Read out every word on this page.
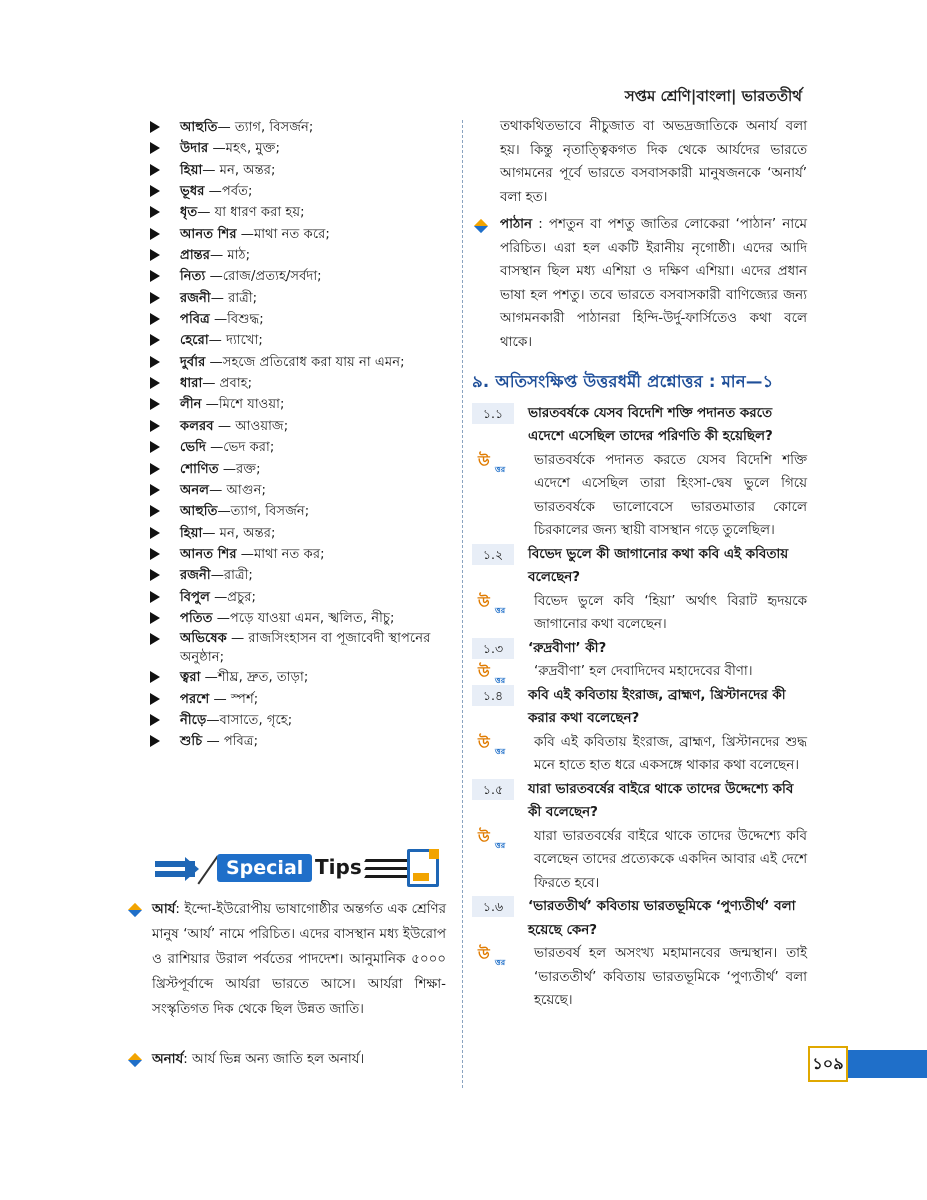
সপ্তম শ্রেণি|বাংলা| ভারততীর্থ
আহুতি— ত্যাগ, বিসর্জন;
উদার —মহৎ, মুক্ত;
হিয়া— মন, অন্তর;
ভূধর —পর্বত;
ধৃত— যা ধারণ করা হয়;
আনত শির —মাথা নত করে;
প্রান্তর— মাঠ;
নিত্য —রোজ/প্রত্যহ/সর্বদা;
রজনী— রাত্রী;
পবিত্র —বিশুদ্ধ;
হেরো— দ্যাখো;
দুর্বার —সহজে প্রতিরোধ করা যায় না এমন;
ধারা— প্রবাহ;
লীন —মিশে যাওয়া;
কলরব — আওয়াজ;
ভেদি —ভেদ করা;
শোণিত —রক্ত;
অনল— আগুন;
আহুতি—ত্যাগ, বিসর্জন;
হিয়া— মন, অন্তর;
আনত শির —মাথা নত কর;
রজনী—রাত্রী;
বিপুল —প্রচুর;
পতিত —পড়ে যাওয়া এমন, স্খলিত, নীচু;
অভিষেক — রাজসিংহাসন বা পূজাবেদী স্থাপনের অনুষ্ঠান;
ত্বরা —শীঘ্র, দ্রুত, তাড়া;
পরশে — স্পর্শ;
নীড়ে—বাসাতে, গৃহে;
শুচি — পবিত্র;
Special Tips
আর্য: ইন্দো-ইউরোপীয় ভাষাগোষ্ঠীর অন্তর্গত এক শ্রেণির মানুষ ‘আর্য’ নামে পরিচিত। এদের বাসস্থান মধ্য ইউরোপ ও রাশিয়ার উরাল পর্বতের পাদদেশ। আনুমানিক ৫০০০ খ্রিস্টপূর্বাব্দে আর্যরা ভারতে আসে। আর্যরা শিক্ষা-সংস্কৃতিগত দিক থেকে ছিল উন্নত জাতি।
অনার্য: আর্য ভিন্ন অন্য জাতি হল অনার্য।
তথাকথিতভাবে নীচুজাত বা অভদ্রজাতিকে অনার্য বলা হয়। কিন্তু নৃতাত্ত্বিকগত দিক থেকে আর্যদের ভারতে আগমনের পূর্বে ভারতে বসবাসকারী মানুষজনকে ‘অনার্য’ বলা হত।
পাঠান : পশতুন বা পশতু জাতির লোকেরা ‘পাঠান’ নামে পরিচিত। এরা হল একটি ইরানীয় নৃগোষ্ঠী। এদের আদি বাসস্থান ছিল মধ্য এশিয়া ও দক্ষিণ এশিয়া। এদের প্রধান ভাষা হল পশতু। তবে ভারতে বসবাসকারী বাণিজ্যের জন্য আগমনকারী পাঠানরা হিন্দি-উর্দু-ফার্সিতেও কথা বলে থাকে।
৯. অতিসংক্ষিপ্ত উত্তরধর্মী প্রশ্নোত্তর : মান—১
১.১	ভারতবর্ষকে যেসব বিদেশি শক্তি পদানত করতে এদেশে এসেছিল তাদের পরিণতি কী হয়েছিল?
উ ত্তর
ভারতবর্ষকে পদানত করতে যেসব বিদেশি শক্তি এদেশে এসেছিল তারা হিংসা-দ্বেষ ভুলে গিয়ে ভারতবর্ষকে ভালোবেসে ভারতমাতার কোলে চিরকালের জন্য স্থায়ী বাসস্থান গড়ে তুলেছিল।
১.২	বিভেদ ভুলে কী জাগানোর কথা কবি এই কবিতায় বলেছেন?
উ ত্তর
বিভেদ ভুলে কবি ‘হিয়া’ অর্থাৎ বিরাট হৃদয়কে জাগানোর কথা বলেছেন।
১.৩	‘রুদ্রবীণা’ কী?
উ ত্তর
‘রুদ্রবীণা’ হল দেবাদিদেব মহাদেবের বীণা।
১.৪	কবি এই কবিতায় ইংরাজ, ব্রাহ্মণ, খ্রিস্টানদের কী করার কথা বলেছেন?
উ ত্তর
কবি এই কবিতায় ইংরাজ, ব্রাহ্মণ, খ্রিস্টানদের শুদ্ধ মনে হাতে হাত ধরে একসঙ্গে থাকার কথা বলেছেন।
১.৫	যারা ভারতবর্ষের বাইরে থাকে তাদের উদ্দেশ্যে কবি কী বলেছেন?
উ ত্তর
যারা ভারতবর্ষের বাইরে থাকে তাদের উদ্দেশ্যে কবি বলেছেন তাদের প্রত্যেককে একদিন আবার এই দেশে ফিরতে হবে।
১.৬	‘ভারততীর্থ’ কবিতায় ভারতভূমিকে ‘পুণ্যতীর্থ’ বলা হয়েছে কেন?
উ ত্তর
ভারতবর্ষ হল অসংখ্য মহামানবের জন্মস্থান। তাই ‘ভারততীর্থ’ কবিতায় ভারতভূমিকে ‘পুণ্যতীর্থ’ বলা হয়েছে।
১০৯
